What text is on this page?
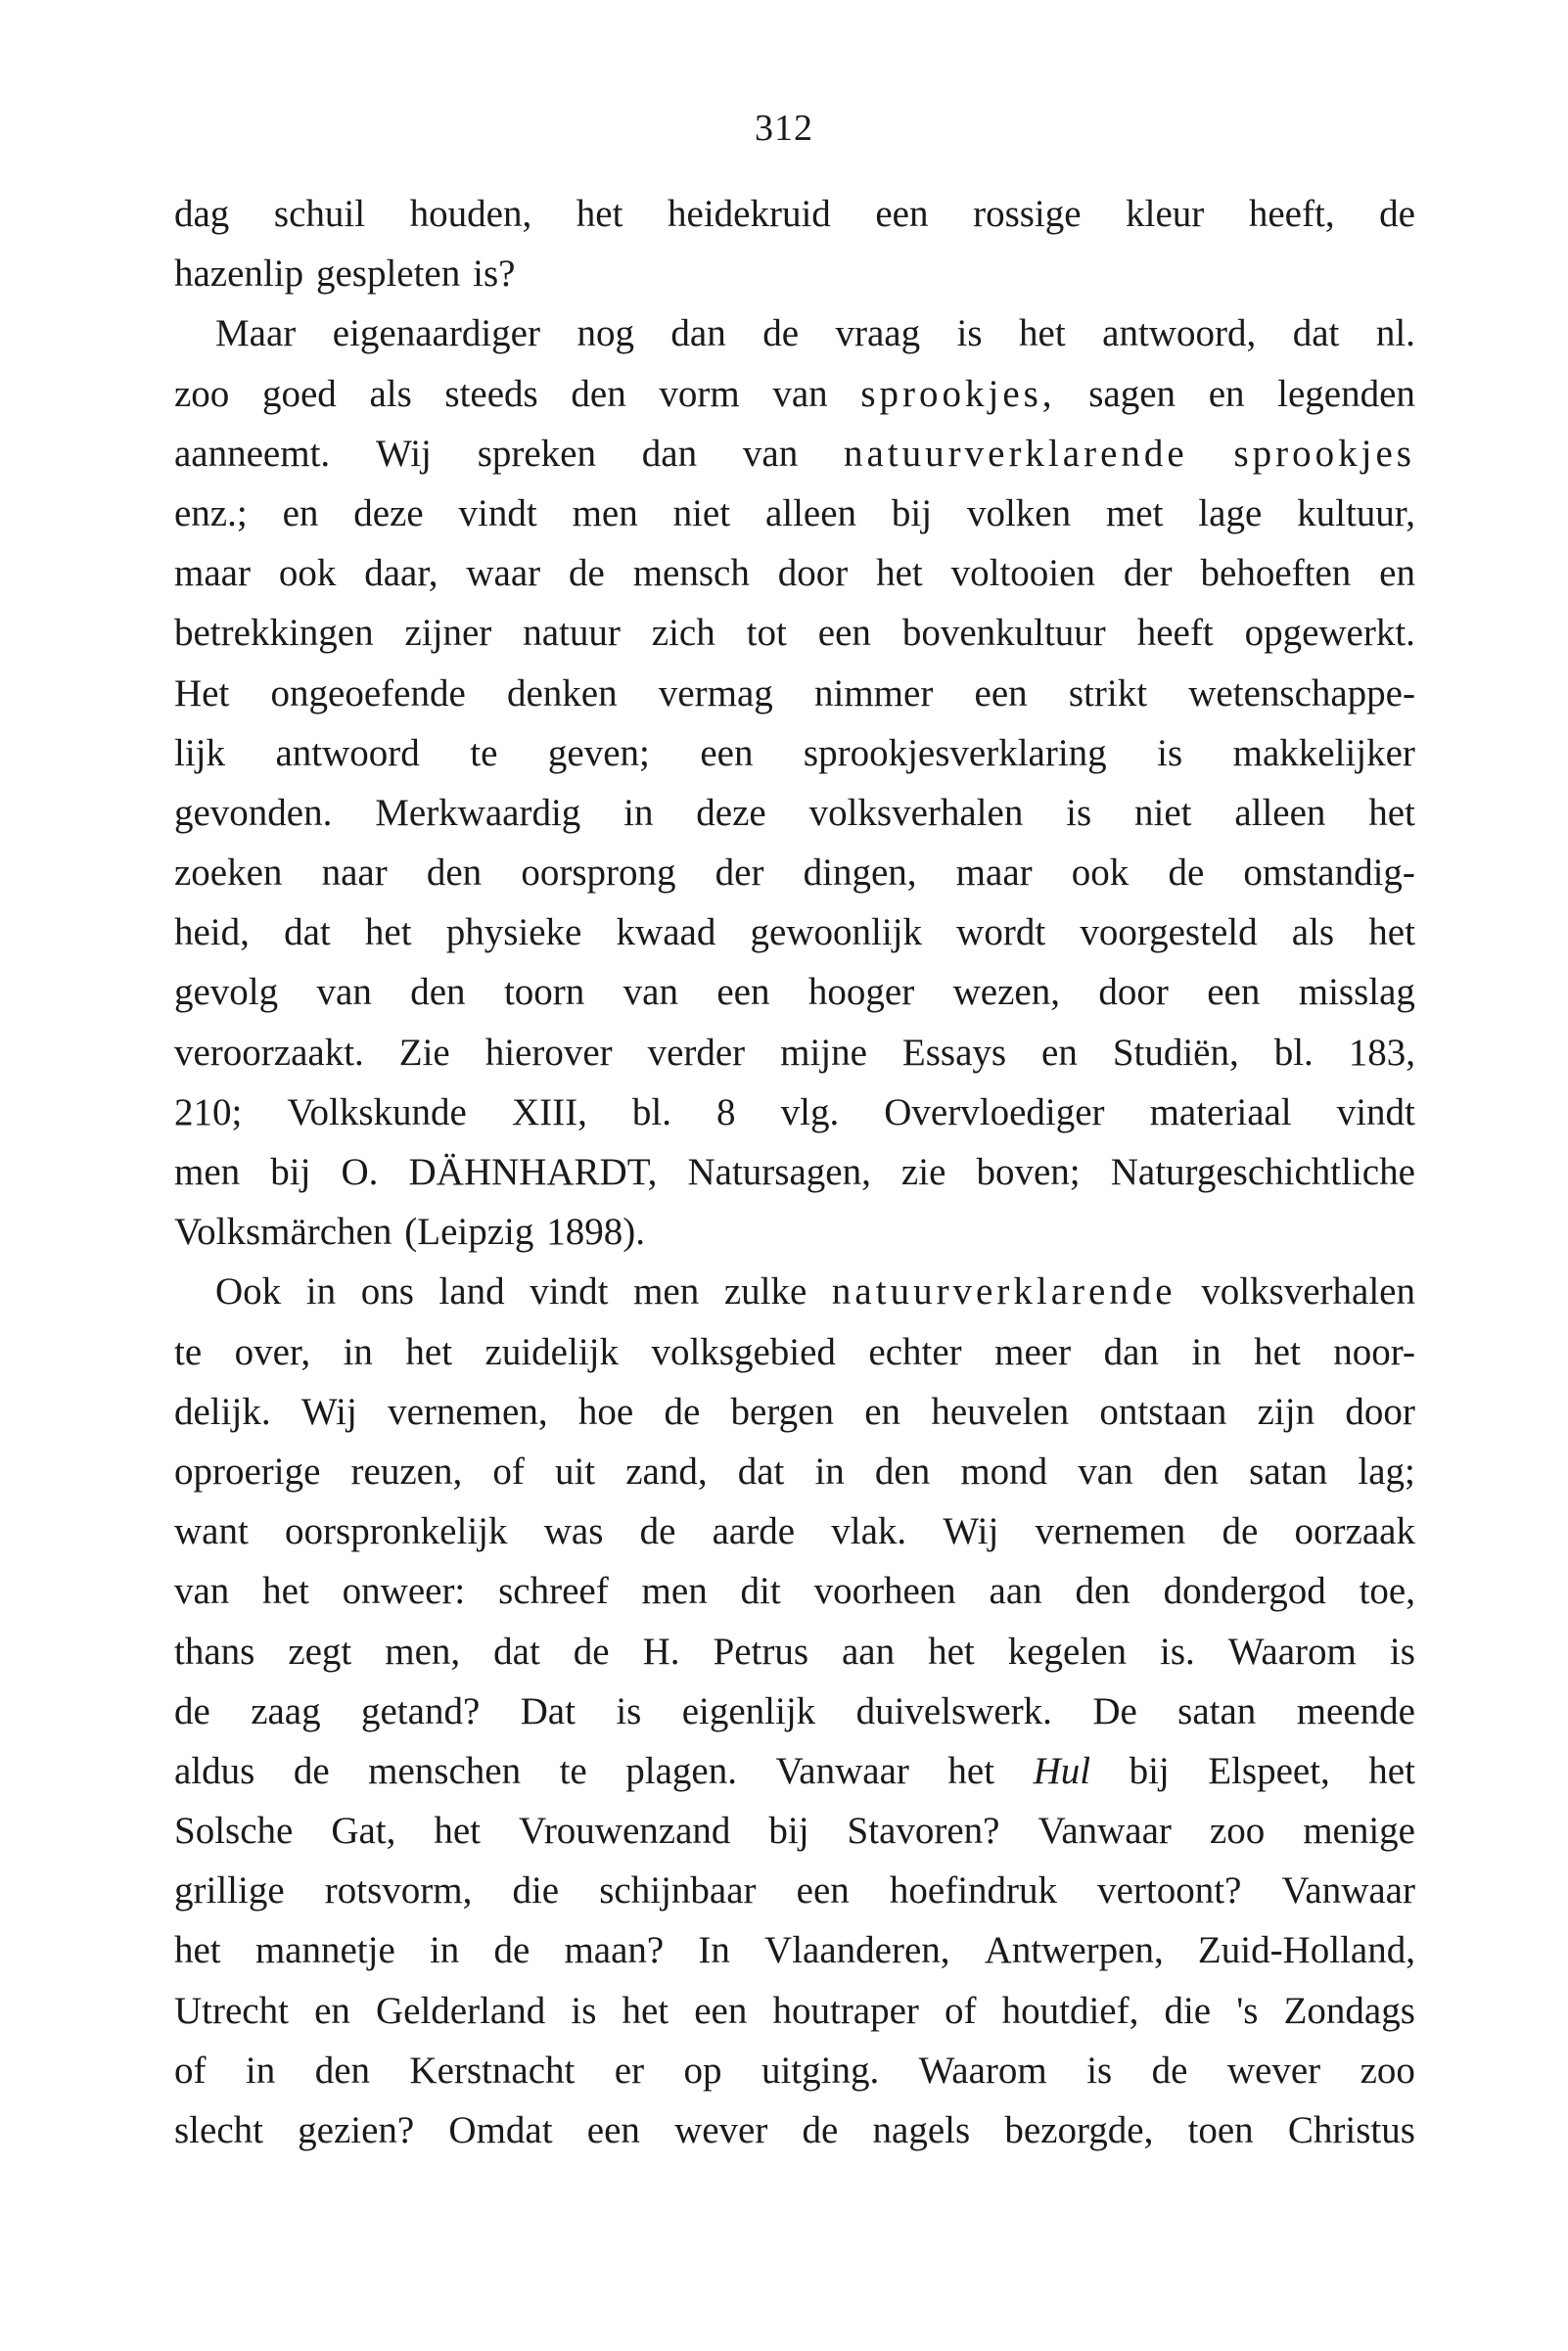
312
dag schuil houden, het heidekruid een rossige kleur heeft, de
hazenlip gespleten is?
Maar eigenaardiger nog dan de vraag is het antwoord, dat nl.
zoo goed als steeds den vorm van sprookjes, sagen en legenden
aanneemt. Wij spreken dan van natuurverklarende sprookjes
enz.; en deze vindt men niet alleen bij volken met lage kultuur,
maar ook daar, waar de mensch door het voltooien der behoeften en
betrekkingen zijner natuur zich tot een bovenkultuur heeft opgewerkt.
Het ongeoefende denken vermag nimmer een strikt wetenschappe-
lijk antwoord te geven; een sprookjesverklaring is makkelijker
gevonden. Merkwaardig in deze volksverhalen is niet alleen het
zoeken naar den oorsprong der dingen, maar ook de omstandig-
heid, dat het physieke kwaad gewoonlijk wordt voorgesteld als het
gevolg van den toorn van een hooger wezen, door een misslag
veroorzaakt. Zie hierover verder mijne Essays en Studiën, bl. 183,
210; Volkskunde XIII, bl. 8 vlg. Overvloediger materiaal vindt
men bij O. DÄHNHARDT, Natursagen, zie boven; Naturgeschichtliche
Volksmärchen (Leipzig 1898).
Ook in ons land vindt men zulke natuurverklarende volksverhalen
te over, in het zuidelijk volksgebied echter meer dan in het noor-
delijk. Wij vernemen, hoe de bergen en heuvelen ontstaan zijn door
oproerige reuzen, of uit zand, dat in den mond van den satan lag;
want oorspronkelijk was de aarde vlak. Wij vernemen de oorzaak
van het onweer: schreef men dit voorheen aan den dondergod toe,
thans zegt men, dat de H. Petrus aan het kegelen is. Waarom is
de zaag getand? Dat is eigenlijk duivelswerk. De satan meende
aldus de menschen te plagen. Vanwaar het Hul bij Elspeet, het
Solsche Gat, het Vrouwenzand bij Stavoren? Vanwaar zoo menige
grillige rotsvorm, die schijnbaar een hoefindruk vertoont? Vanwaar
het mannetje in de maan? In Vlaanderen, Antwerpen, Zuid-Holland,
Utrecht en Gelderland is het een houtraper of houtdief, die 's Zondags
of in den Kerstnacht er op uitging. Waarom is de wever zoo
slecht gezien? Omdat een wever de nagels bezorgde, toen Christus
